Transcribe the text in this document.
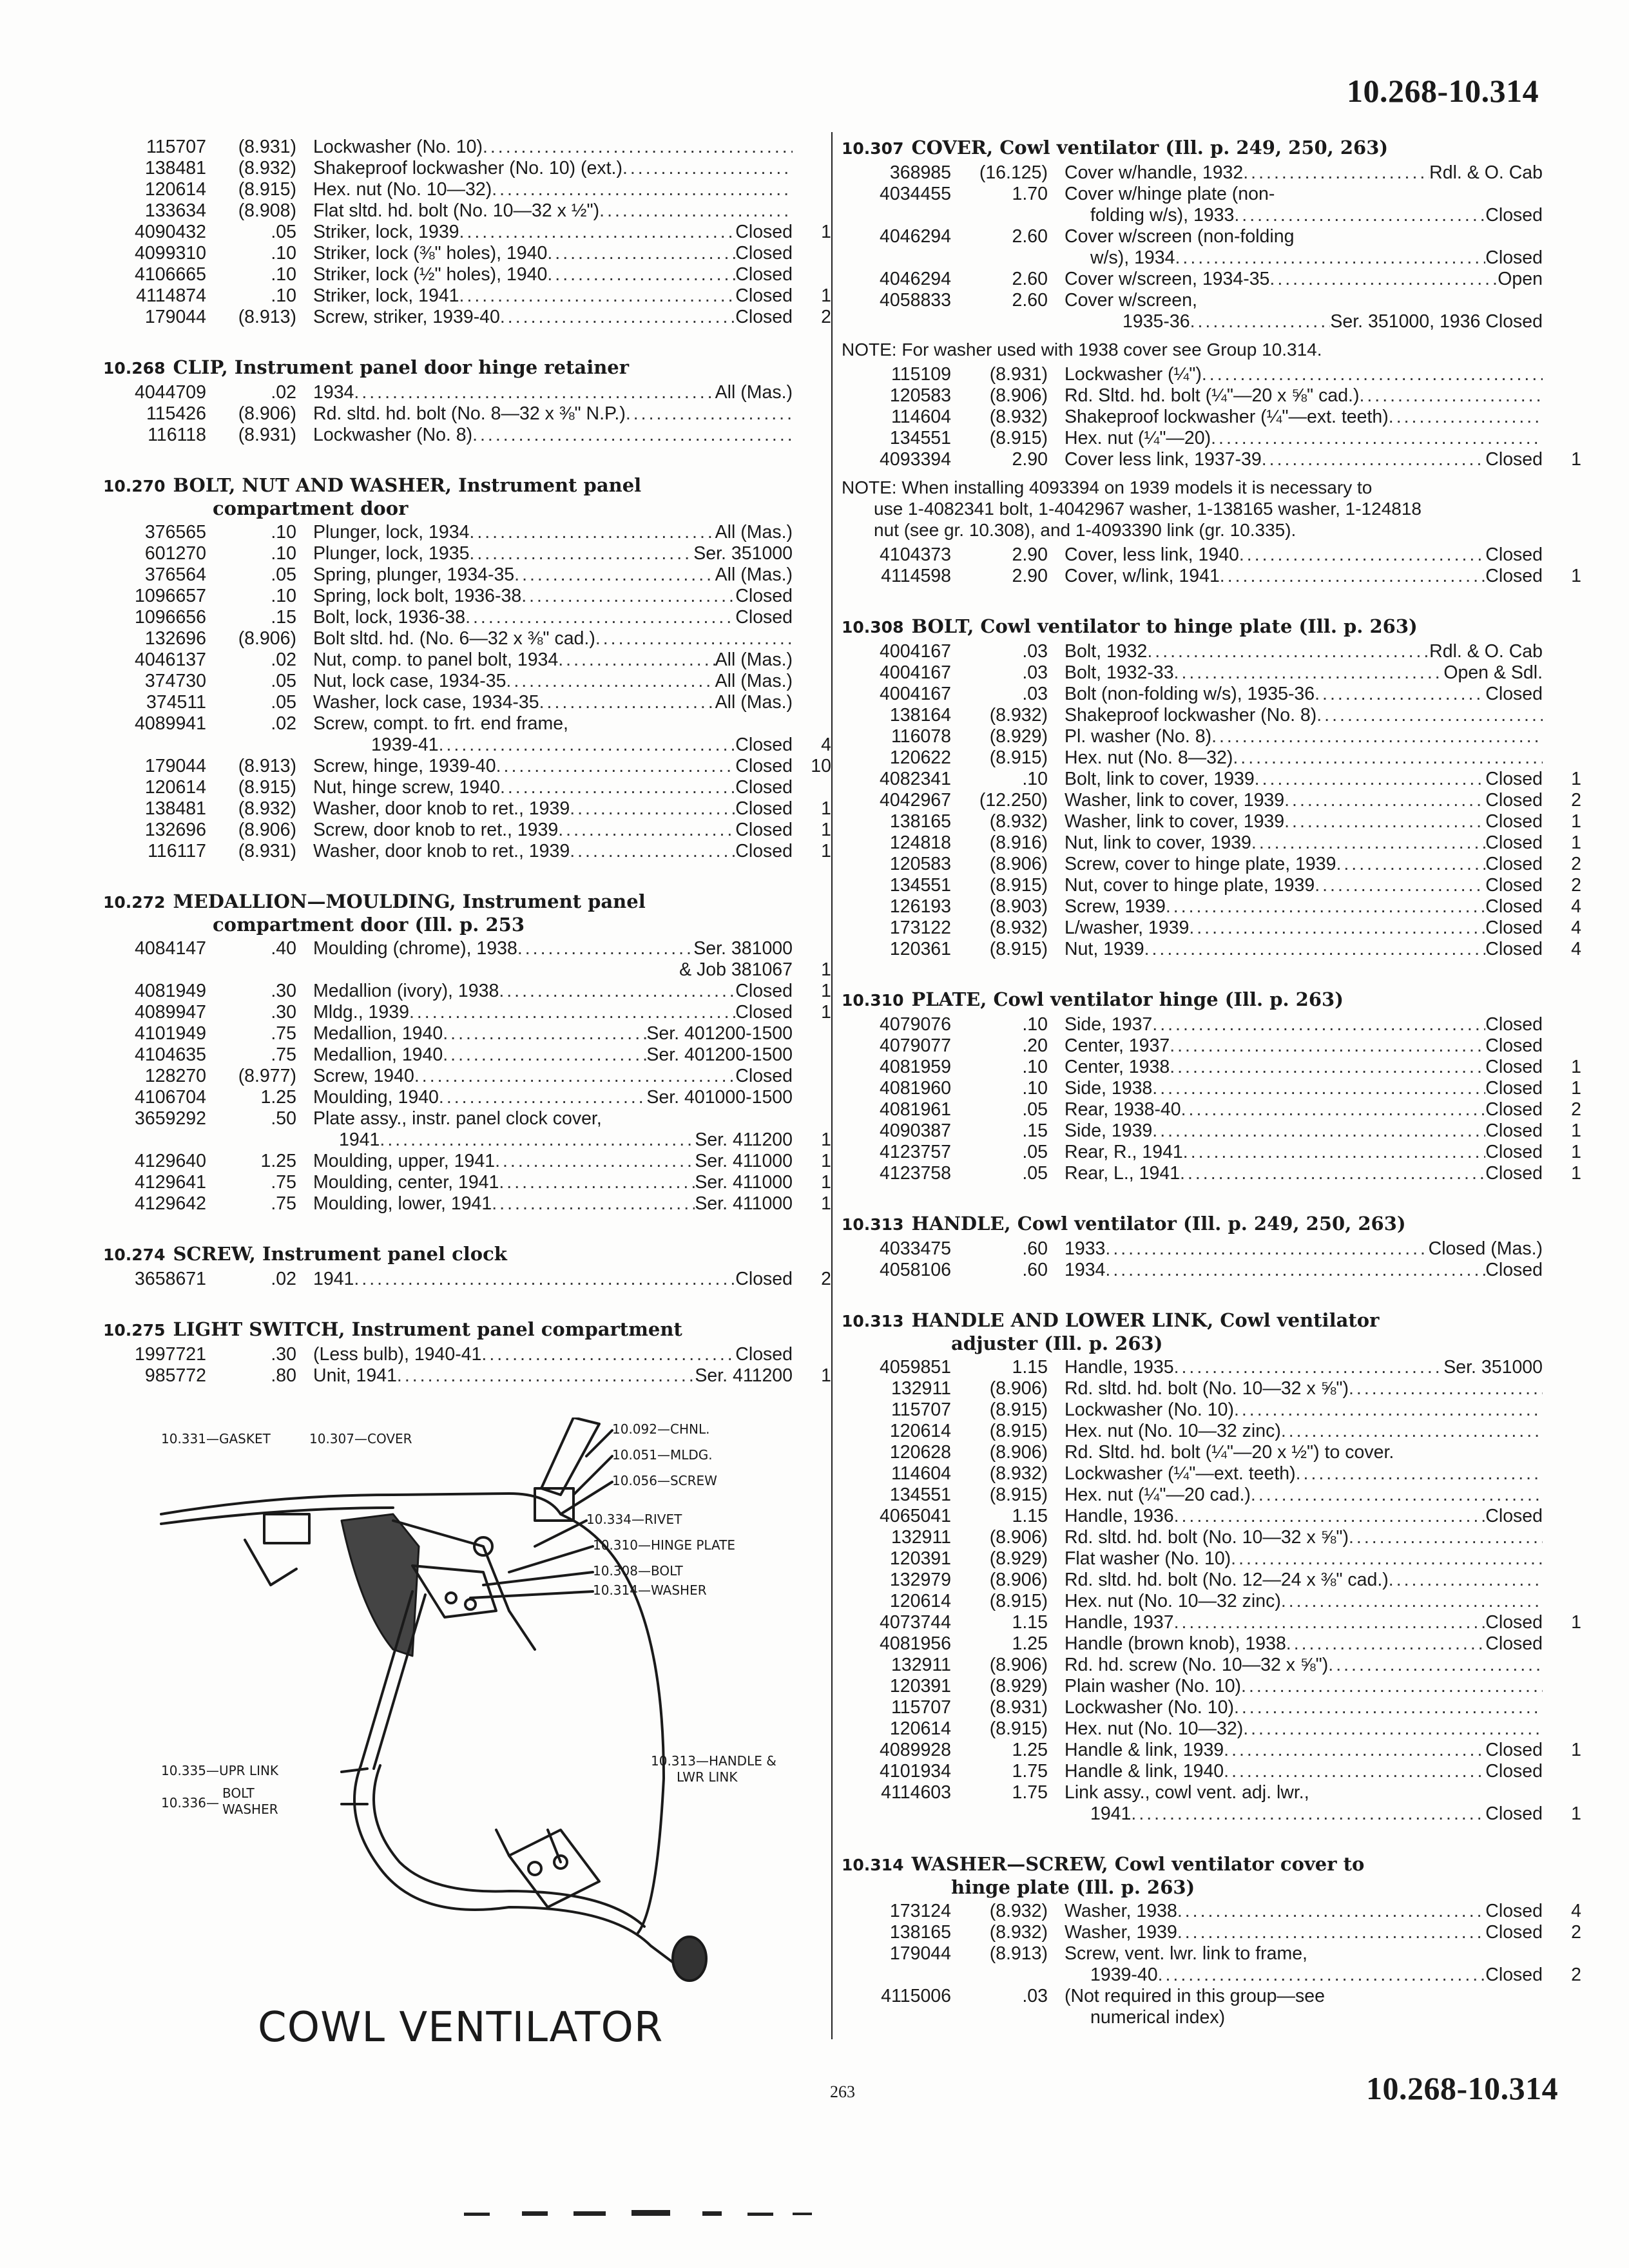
10.268-10.314
115707	(8.931) Lockwasher (No. 10)
.....
138481	(8.932) Shakeproof lockwasher (No. 10) (ext.)
.....
120614	(8.915) Hex. nut (No. 10—32)
.....
133634	(8.908) Flat sltd. hd. bolt (No. 10—32 x ½")
.....
4090432	.05 Striker, lock, 1939 .....	Closed	1
4099310	.10 Striker, lock (⅜" holes), 1940 .....	Closed
4106665	.10 Striker, lock (½" holes), 1940 .....	Closed
4114874	.10 Striker, lock, 1941 .....	Closed	1
179044	(8.913) Screw, striker, 1939-40 .....	Closed	2
10.268 CLIP, Instrument panel door hinge retainer
4044709	.02 1934 .....	All (Mas.)
115426	(8.906) Rd. sltd. hd. bolt (No. 8—32 x ⅜" N.P.)
.....
116118	(8.931) Lockwasher (No. 8)
.....
10.270 BOLT, NUT AND WASHER, Instrument panel
compartment door
376565	.10 Plunger, lock, 1934 .....	All (Mas.)
601270	.10 Plunger, lock, 1935 .....	Ser. 351000
376564	.05 Spring, plunger, 1934-35 .....	All (Mas.)
1096657	.10 Spring, lock bolt, 1936-38 .....	Closed
1096656	.15 Bolt, lock, 1936-38 .....	Closed
132696	(8.906) Bolt sltd. hd. (No. 6—32 x ⅜" cad.)
.....
4046137	.02 Nut, comp. to panel bolt, 1934 .....	All (Mas.)
374730	.05 Nut, lock case, 1934-35 .....	All (Mas.)
374511	.05 Washer, lock case, 1934-35 .....	All (Mas.)
4089941	.02 Screw, compt. to frt. end frame,
1939-41 .....	Closed	4
179044	(8.913) Screw, hinge, 1939-40 .....	Closed 10
120614	(8.915) Nut, hinge screw, 1940 .....	Closed
138481	(8.932) Washer, door knob to ret., 1939 .....	Closed	1
132696	(8.906) Screw, door knob to ret., 1939 .....	Closed	1
116117	(8.931) Washer, door knob to ret., 1939 .....	Closed	1
10.272 MEDALLION—MOULDING, Instrument panel
compartment door (Ill. p. 253
4084147	.40 Moulding (chrome), 1938 .....	Ser. 381000
& Job 381067	1
4081949	.30 Medallion (ivory), 1938 .....	Closed	1
4089947	.30 Mldg., 1939 .....	Closed	1
4101949	.75 Medallion, 1940 .....	Ser. 401200-1500
4104635	.75 Medallion, 1940 .....	Ser. 401200-1500
128270	(8.977) Screw, 1940 .....	Closed
4106704	1.25 Moulding, 1940 .....	Ser. 401000-1500
3659292	.50 Plate assy., instr. panel clock cover,
1941 .....	Ser. 411200	1
4129640	1.25 Moulding, upper, 1941 .....	Ser. 411000	1
4129641	.75 Moulding, center, 1941 .....	Ser. 411000	1
4129642	.75 Moulding, lower, 1941 .....	Ser. 411000	1
10.274 SCREW, Instrument panel clock
3658671	.02 1941 .....	Closed	2
10.275 LIGHT SWITCH, Instrument panel compartment
1997721	.30 (Less bulb), 1940-41 .....	Closed
985772	.80 Unit, 1941 .....	Ser. 411200	1
10.307 COVER, Cowl ventilator (Ill. p. 249, 250, 263)
368985	(16.125) Cover w/handle, 1932 .....	Rdl. & O. Cab
4034455	1.70 Cover w/hinge plate (non-
folding w/s), 1933 .....	Closed
4046294	2.60 Cover w/screen (non-folding
w/s), 1934 .....	Closed
4046294	2.60 Cover w/screen, 1934-35 .....	Open
4058833	2.60 Cover w/screen,
1935-36 .....	Ser. 351000, 1936 Closed
NOTE: For washer used with 1938 cover see Group 10.314.
115109	(8.931) Lockwasher (¼")
.....
120583	(8.906) Rd. Sltd. hd. bolt (¼"—20 x ⅝" cad.)
.....
114604	(8.932) Shakeproof lockwasher (¼"—ext. teeth)
.....
134551	(8.915) Hex. nut (¼"—20)
.....
4093394	2.90 Cover less link, 1937-39 .....	Closed	1
NOTE: When installing 4093394 on 1939 models it is necessary to
use 1-4082341 bolt, 1-4042967 washer, 1-138165 washer, 1-124818
nut (see gr. 10.308), and 1-4093390 link (gr. 10.335).
4104373	2.90 Cover, less link, 1940 .....	Closed
4114598	2.90 Cover, w/link, 1941 .....	Closed	1
10.308 BOLT, Cowl ventilator to hinge plate (Ill. p. 263)
4004167	.03 Bolt, 1932 .....	Rdl. & O. Cab
4004167	.03 Bolt, 1932-33 .....	Open & Sdl.
4004167	.03 Bolt (non-folding w/s), 1935-36 .....	Closed
138164	(8.932) Shakeproof lockwasher (No. 8)
.....
116078	(8.929) Pl. washer (No. 8)
.....
120622	(8.915) Hex. nut (No. 8—32)
.....
4082341	.10 Bolt, link to cover, 1939 .....	Closed	1
4042967	(12.250) Washer, link to cover, 1939 .....	Closed	2
138165	(8.932) Washer, link to cover, 1939 .....	Closed	1
124818	(8.916) Nut, link to cover, 1939 .....	Closed	1
120583	(8.906) Screw, cover to hinge plate, 1939 .....	Closed	2
134551	(8.915) Nut, cover to hinge plate, 1939 .....	Closed	2
126193	(8.903) Screw, 1939 .....	Closed	4
173122	(8.932) L/washer, 1939 .....	Closed	4
120361	(8.915) Nut, 1939 .....	Closed	4
10.310 PLATE, Cowl ventilator hinge (Ill. p. 263)
4079076	.10 Side, 1937 .....	Closed
4079077	.20 Center, 1937 .....	Closed
4081959	.10 Center, 1938 .....	Closed	1
4081960	.10 Side, 1938 .....	Closed	1
4081961	.05 Rear, 1938-40 .....	Closed	2
4090387	.15 Side, 1939 .....	Closed	1
4123757	.05 Rear, R., 1941 .....	Closed	1
4123758	.05 Rear, L., 1941 .....	Closed	1
10.313 HANDLE, Cowl ventilator (Ill. p. 249, 250, 263)
4033475	.60 1933 .....	Closed (Mas.)
4058106	.60 1934 .....	Closed
10.313 HANDLE AND LOWER LINK, Cowl ventilator
adjuster (Ill. p. 263)
4059851	1.15 Handle, 1935 .....	Ser. 351000
132911	(8.906) Rd. sltd. hd. bolt (No. 10—32 x ⅝")
.....
115707	(8.915) Lockwasher (No. 10)
.....
120614	(8.915) Hex. nut (No. 10—32 zinc)
.....
120628	(8.906) Rd. Sltd. hd. bolt (¼"—20 x ½") to cover.
114604	(8.932) Lockwasher (¼"—ext. teeth)
.....
134551	(8.915) Hex. nut (¼"—20 cad.)
.....
4065041	1.15 Handle, 1936 .....	Closed
132911	(8.906) Rd. sltd. hd. bolt (No. 10—32 x ⅝")
.....
120391	(8.929) Flat washer (No. 10)
.....
132979	(8.906) Rd. sltd. hd. bolt (No. 12—24 x ⅜" cad.)
.....
120614	(8.915) Hex. nut (No. 10—32 zinc)
.....
4073744	1.15 Handle, 1937 .....	Closed	1
4081956	1.25 Handle (brown knob), 1938 .....	Closed
132911	(8.906) Rd. hd. screw (No. 10—32 x ⅝")
.....
120391	(8.929) Plain washer (No. 10)
.....
115707	(8.931) Lockwasher (No. 10)
.....
120614	(8.915) Hex. nut (No. 10—32)
.....
4089928	1.25 Handle & link, 1939 .....	Closed	1
4101934	1.75 Handle & link, 1940 .....	Closed
4114603	1.75 Link assy., cowl vent. adj. lwr.,
1941 .....	Closed	1
10.314 WASHER—SCREW, Cowl ventilator cover to
hinge plate (Ill. p. 263)
173124	(8.932) Washer, 1938 .....	Closed	4
138165	(8.932) Washer, 1939 .....	Closed	2
179044	(8.913) Screw, vent. lwr. link to frame,
1939-40 .....	Closed	2
4115006	.03 (Not required in this group—see
numerical index)
10.331—GASKET	10.307—COVER
10.092—CHNL.
10.051—MLDG.
10.056—SCREW
10.334—RIVET
10.310—HINGE PLATE
10.308—BOLT
10.314—WASHER
10.335—UPR LINK
10.336—
BOLT
WASHER
10.313—HANDLE &
LWR LINK
COWL VENTILATOR
263	10.268-10.314
